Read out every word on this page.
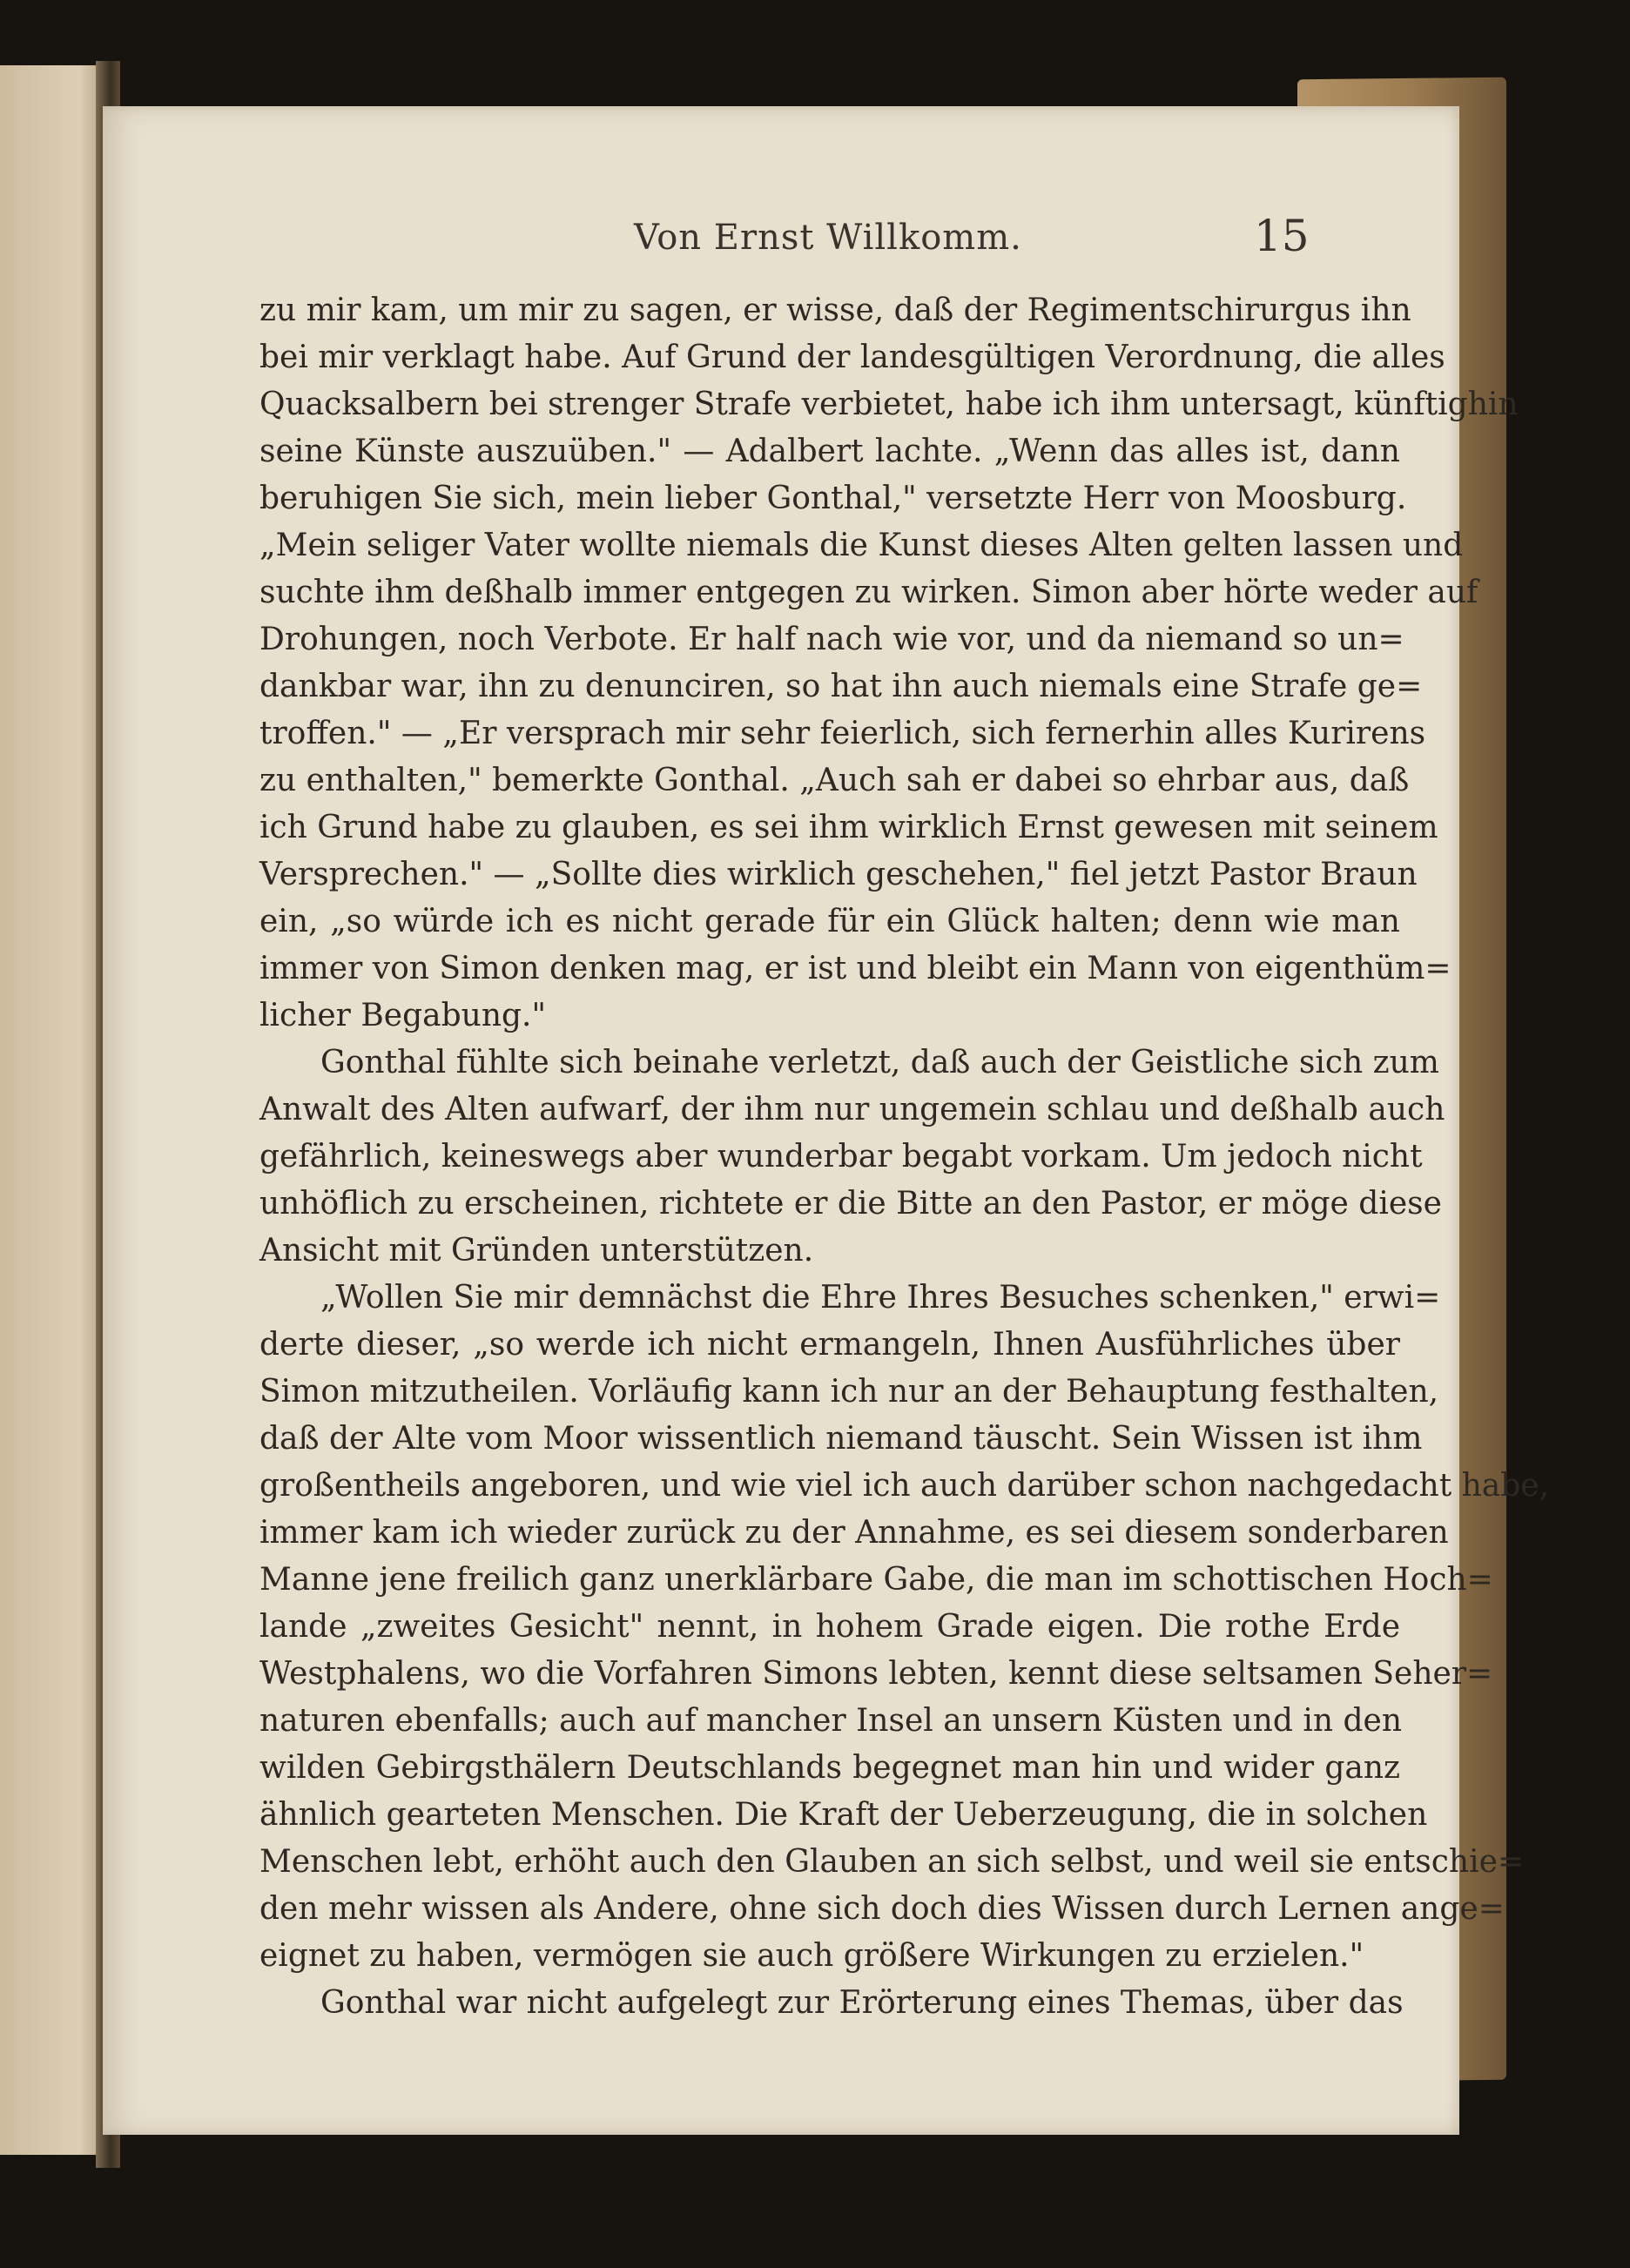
Von Ernst Willkomm.	15
zu mir kam, um mir zu sagen, er wisse, daß der Regimentschirurgus ihn
bei mir verklagt habe. Auf Grund der landesgültigen Verordnung, die alles
Quacksalbern bei strenger Strafe verbietet, habe ich ihm untersagt, künftighin
seine Künste auszuüben." — Adalbert lachte. „Wenn das alles ist, dann
beruhigen Sie sich, mein lieber Gonthal," versetzte Herr von Moosburg.
„Mein seliger Vater wollte niemals die Kunst dieses Alten gelten lassen und
suchte ihm deßhalb immer entgegen zu wirken. Simon aber hörte weder auf
Drohungen, noch Verbote. Er half nach wie vor, und da niemand so un=
dankbar war, ihn zu denunciren, so hat ihn auch niemals eine Strafe ge=
troffen." — „Er versprach mir sehr feierlich, sich fernerhin alles Kurirens
zu enthalten," bemerkte Gonthal. „Auch sah er dabei so ehrbar aus, daß
ich Grund habe zu glauben, es sei ihm wirklich Ernst gewesen mit seinem
Versprechen." — „Sollte dies wirklich geschehen," fiel jetzt Pastor Braun
ein, „so würde ich es nicht gerade für ein Glück halten; denn wie man
immer von Simon denken mag, er ist und bleibt ein Mann von eigenthüm=
licher Begabung."
Gonthal fühlte sich beinahe verletzt, daß auch der Geistliche sich zum
Anwalt des Alten aufwarf, der ihm nur ungemein schlau und deßhalb auch
gefährlich, keineswegs aber wunderbar begabt vorkam. Um jedoch nicht
unhöflich zu erscheinen, richtete er die Bitte an den Pastor, er möge diese
Ansicht mit Gründen unterstützen.
„Wollen Sie mir demnächst die Ehre Ihres Besuches schenken," erwi=
derte dieser, „so werde ich nicht ermangeln, Ihnen Ausführliches über
Simon mitzutheilen. Vorläufig kann ich nur an der Behauptung festhalten,
daß der Alte vom Moor wissentlich niemand täuscht. Sein Wissen ist ihm
großentheils angeboren, und wie viel ich auch darüber schon nachgedacht habe,
immer kam ich wieder zurück zu der Annahme, es sei diesem sonderbaren
Manne jene freilich ganz unerklärbare Gabe, die man im schottischen Hoch=
lande „zweites Gesicht" nennt, in hohem Grade eigen. Die rothe Erde
Westphalens, wo die Vorfahren Simons lebten, kennt diese seltsamen Seher=
naturen ebenfalls; auch auf mancher Insel an unsern Küsten und in den
wilden Gebirgsthälern Deutschlands begegnet man hin und wider ganz
ähnlich gearteten Menschen. Die Kraft der Ueberzeugung, die in solchen
Menschen lebt, erhöht auch den Glauben an sich selbst, und weil sie entschie=
den mehr wissen als Andere, ohne sich doch dies Wissen durch Lernen ange=
eignet zu haben, vermögen sie auch größere Wirkungen zu erzielen."
Gonthal war nicht aufgelegt zur Erörterung eines Themas, über das
